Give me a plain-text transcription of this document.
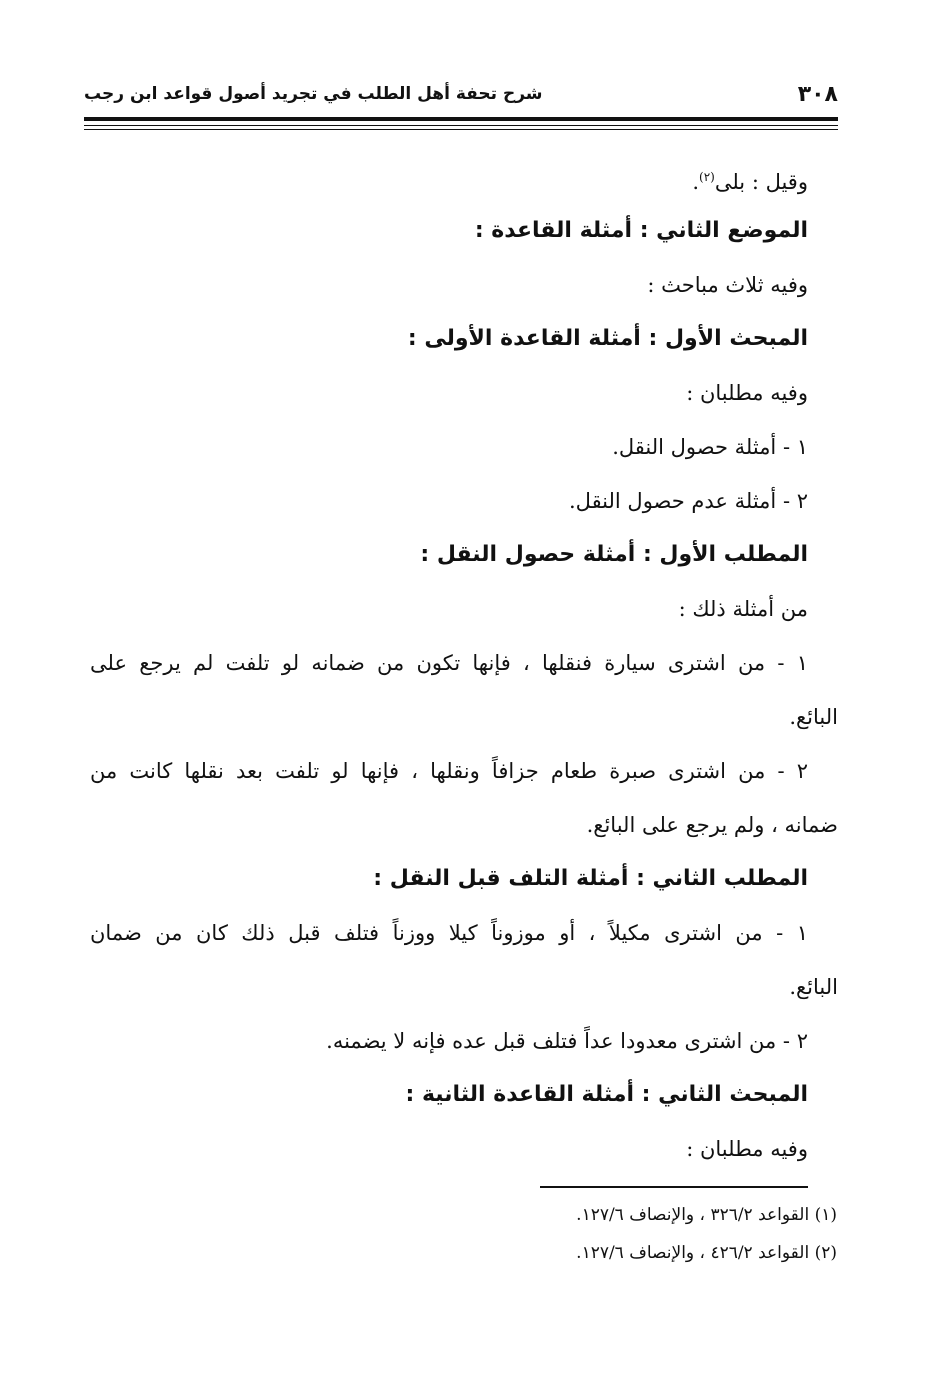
٣٠٨
شرح تحفة أهل الطلب في تجريد أصول قواعد ابن رجب
وقيل : بلى$^{(٢)}$.
الموضع الثاني : أمثلة القاعدة :
وفيه ثلاث مباحث :
المبحث الأول : أمثلة القاعدة الأولى :
وفيه مطلبان :
١ - أمثلة حصول النقل.
٢ - أمثلة عدم حصول النقل.
المطلب الأول : أمثلة حصول النقل :
من أمثلة ذلك :
١ - من اشترى سيارة فنقلها ، فإنها تكون من ضمانه لو تلفت لم يرجع على
البائع.
٢ - من اشترى صبرة طعام جزافاً ونقلها ، فإنها لو تلفت بعد نقلها كانت من
ضمانه ، ولم يرجع على البائع.
المطلب الثاني : أمثلة التلف قبل النقل :
١ - من اشترى مكيلاً ، أو موزوناً كيلا ووزناً فتلف قبل ذلك كان من ضمان
البائع.
٢ - من اشترى معدودا عداً فتلف قبل عده فإنه لا يضمنه.
المبحث الثاني : أمثلة القاعدة الثانية :
وفيه مطلبان :
(١) القواعد ٣٢٦/٢ ، والإنصاف ١٢٧/٦.
(٢) القواعد ٤٢٦/٢ ، والإنصاف ١٢٧/٦.
